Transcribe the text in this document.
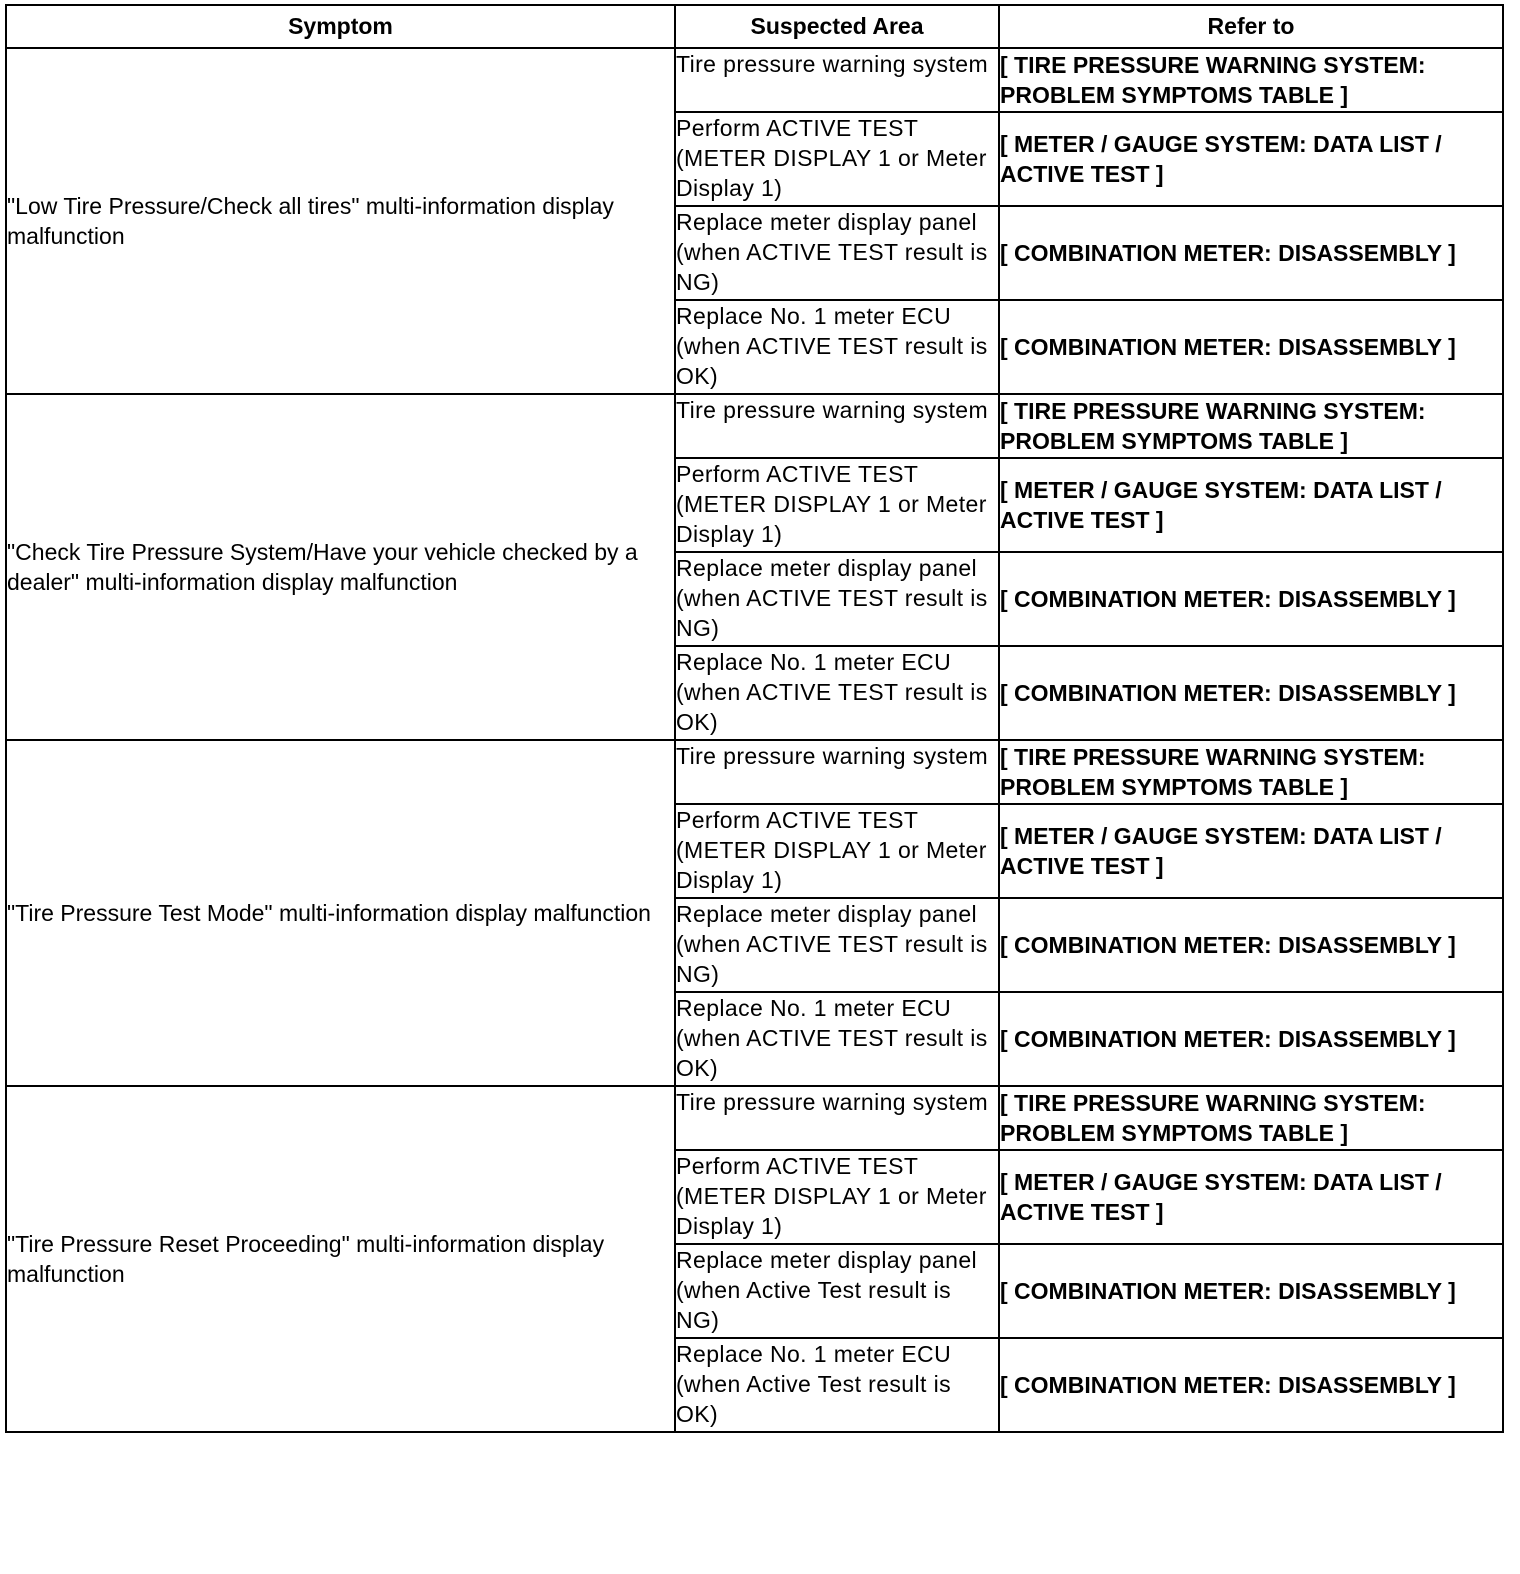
Symptom	Suspected Area	Refer to
"Low Tire Pressure/Check all tires" multi-information display malfunction	Tire pressure warning system	[ TIRE PRESSURE WARNING SYSTEM: PROBLEM SYMPTOMS TABLE ]
	Perform ACTIVE TEST (METER DISPLAY 1 or Meter Display 1)	[ METER / GAUGE SYSTEM: DATA LIST / ACTIVE TEST ]
	Replace meter display panel (when ACTIVE TEST result is NG)	[ COMBINATION METER: DISASSEMBLY ]
	Replace No. 1 meter ECU (when ACTIVE TEST result is OK)	[ COMBINATION METER: DISASSEMBLY ]
"Check Tire Pressure System/Have your vehicle checked by a dealer" multi-information display malfunction	Tire pressure warning system	[ TIRE PRESSURE WARNING SYSTEM: PROBLEM SYMPTOMS TABLE ]
	Perform ACTIVE TEST (METER DISPLAY 1 or Meter Display 1)	[ METER / GAUGE SYSTEM: DATA LIST / ACTIVE TEST ]
	Replace meter display panel (when ACTIVE TEST result is NG)	[ COMBINATION METER: DISASSEMBLY ]
	Replace No. 1 meter ECU (when ACTIVE TEST result is OK)	[ COMBINATION METER: DISASSEMBLY ]
"Tire Pressure Test Mode" multi-information display malfunction	Tire pressure warning system	[ TIRE PRESSURE WARNING SYSTEM: PROBLEM SYMPTOMS TABLE ]
	Perform ACTIVE TEST (METER DISPLAY 1 or Meter Display 1)	[ METER / GAUGE SYSTEM: DATA LIST / ACTIVE TEST ]
	Replace meter display panel (when ACTIVE TEST result is NG)	[ COMBINATION METER: DISASSEMBLY ]
	Replace No. 1 meter ECU (when ACTIVE TEST result is OK)	[ COMBINATION METER: DISASSEMBLY ]
"Tire Pressure Reset Proceeding" multi-information display malfunction	Tire pressure warning system	[ TIRE PRESSURE WARNING SYSTEM: PROBLEM SYMPTOMS TABLE ]
	Perform ACTIVE TEST (METER DISPLAY 1 or Meter Display 1)	[ METER / GAUGE SYSTEM: DATA LIST / ACTIVE TEST ]
	Replace meter display panel (when Active Test result is NG)	[ COMBINATION METER: DISASSEMBLY ]
	Replace No. 1 meter ECU (when Active Test result is OK)	[ COMBINATION METER: DISASSEMBLY ]
